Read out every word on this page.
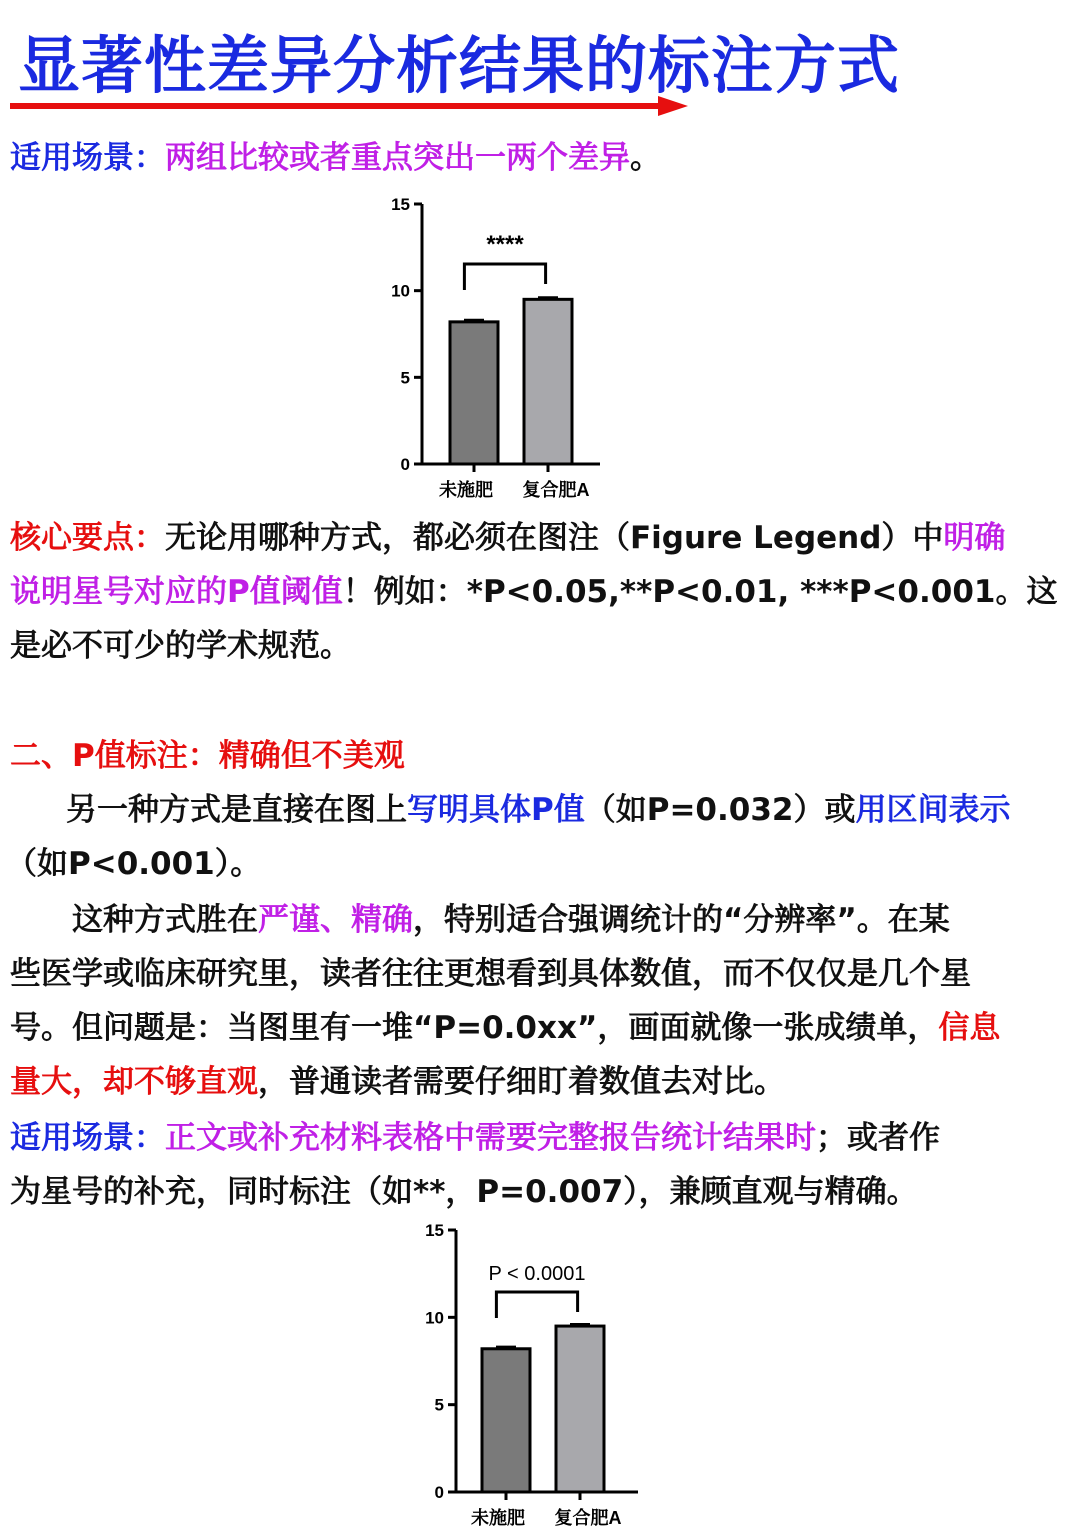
显著性差异分析结果的标注方式

适用场景：两组比较或者重点突出一两个差异。

0
5
10
15
未施肥 复合肥A
****

核心要点：无论用哪种方式，都必须在图注（Figure Legend）中明确

说明星号对应的P值阈值！例如：*P<0.05,**P<0.01, ***P<0.001。这

是必不可少的学术规范。

二、P值标注：精确但不美观

另一种方式是直接在图上写明具体P值（如P=0.032）或用区间表示

（如P<0.001）。

这种方式胜在严谨、精确，特别适合强调统计的“分辨率”。在某

些医学或临床研究里，读者往往更想看到具体数值，而不仅仅是几个星

号。但问题是：当图里有一堆“P=0.0xx”，画面就像一张成绩单，信息

量大，却不够直观，普通读者需要仔细盯着数值去对比。

适用场景：正文或补充材料表格中需要完整报告统计结果时；或者作

为星号的补充，同时标注（如**，P=0.007），兼顾直观与精确。

0
5
10
15
未施肥 复合肥A
P < 0.0001
